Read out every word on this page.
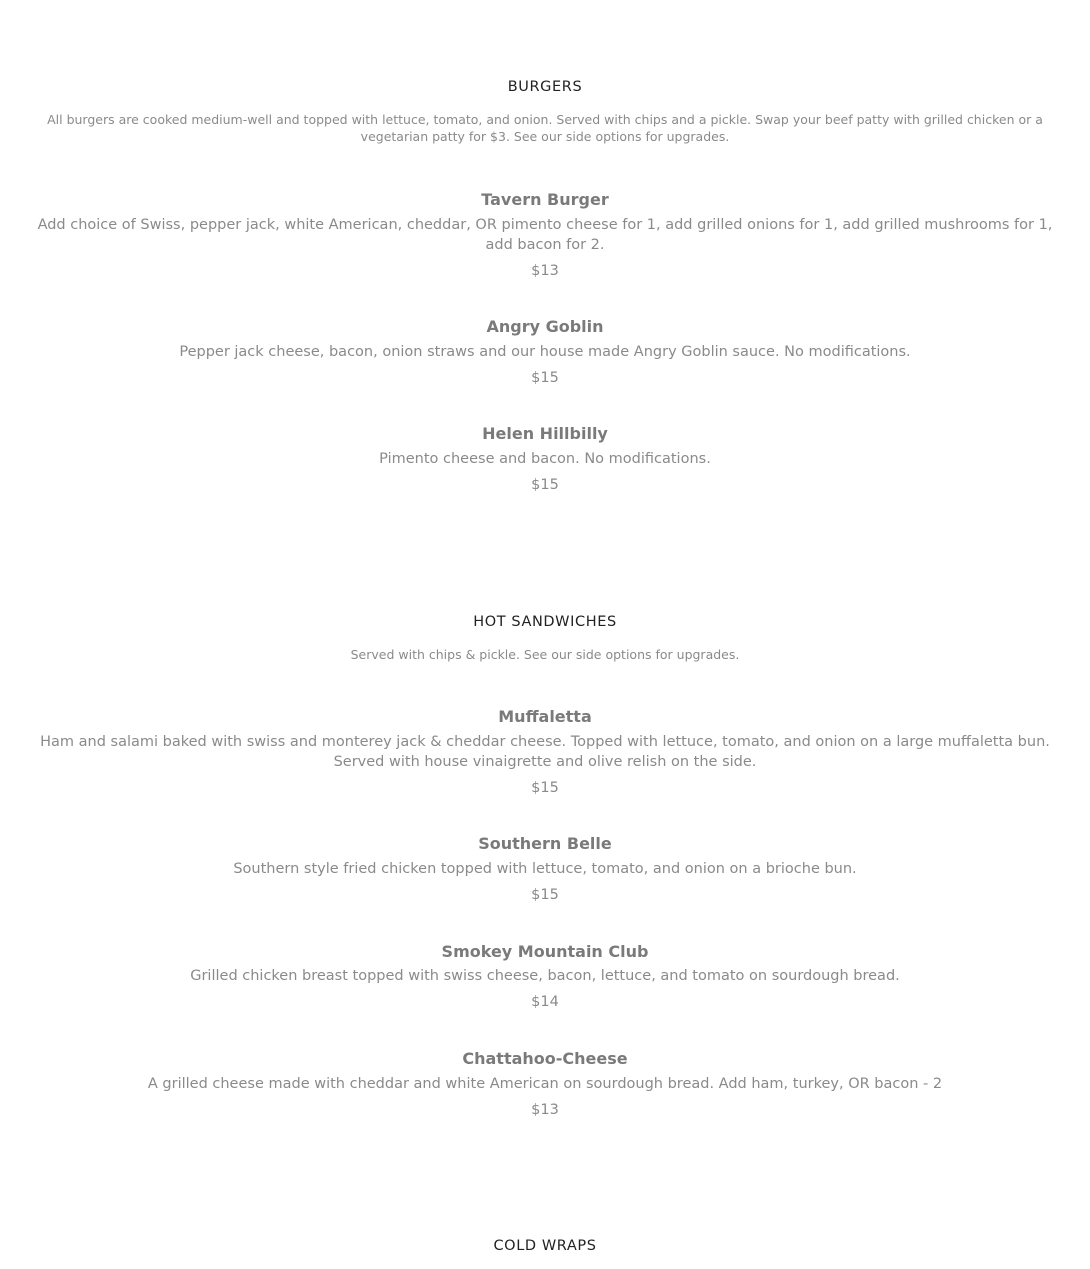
BURGERS
All burgers are cooked medium-well and topped with lettuce, tomato, and onion. Served with chips and a pickle. Swap your beef patty with grilled chicken or a vegetarian patty for $3. See our side options for upgrades.
Tavern Burger
Add choice of Swiss, pepper jack, white American, cheddar, OR pimento cheese for 1, add grilled onions for 1, add grilled mushrooms for 1, add bacon for 2.
$13
Angry Goblin
Pepper jack cheese, bacon, onion straws and our house made Angry Goblin sauce. No modifications.
$15
Helen Hillbilly
Pimento cheese and bacon. No modifications.
$15
HOT SANDWICHES
Served with chips & pickle. See our side options for upgrades.
Muffaletta
Ham and salami baked with swiss and monterey jack & cheddar cheese. Topped with lettuce, tomato, and onion on a large muffaletta bun. Served with house vinaigrette and olive relish on the side.
$15
Southern Belle
Southern style fried chicken topped with lettuce, tomato, and onion on a brioche bun.
$15
Smokey Mountain Club
Grilled chicken breast topped with swiss cheese, bacon, lettuce, and tomato on sourdough bread.
$14
Chattahoo-Cheese
A grilled cheese made with cheddar and white American on sourdough bread. Add ham, turkey, OR bacon - 2
$13
COLD WRAPS
